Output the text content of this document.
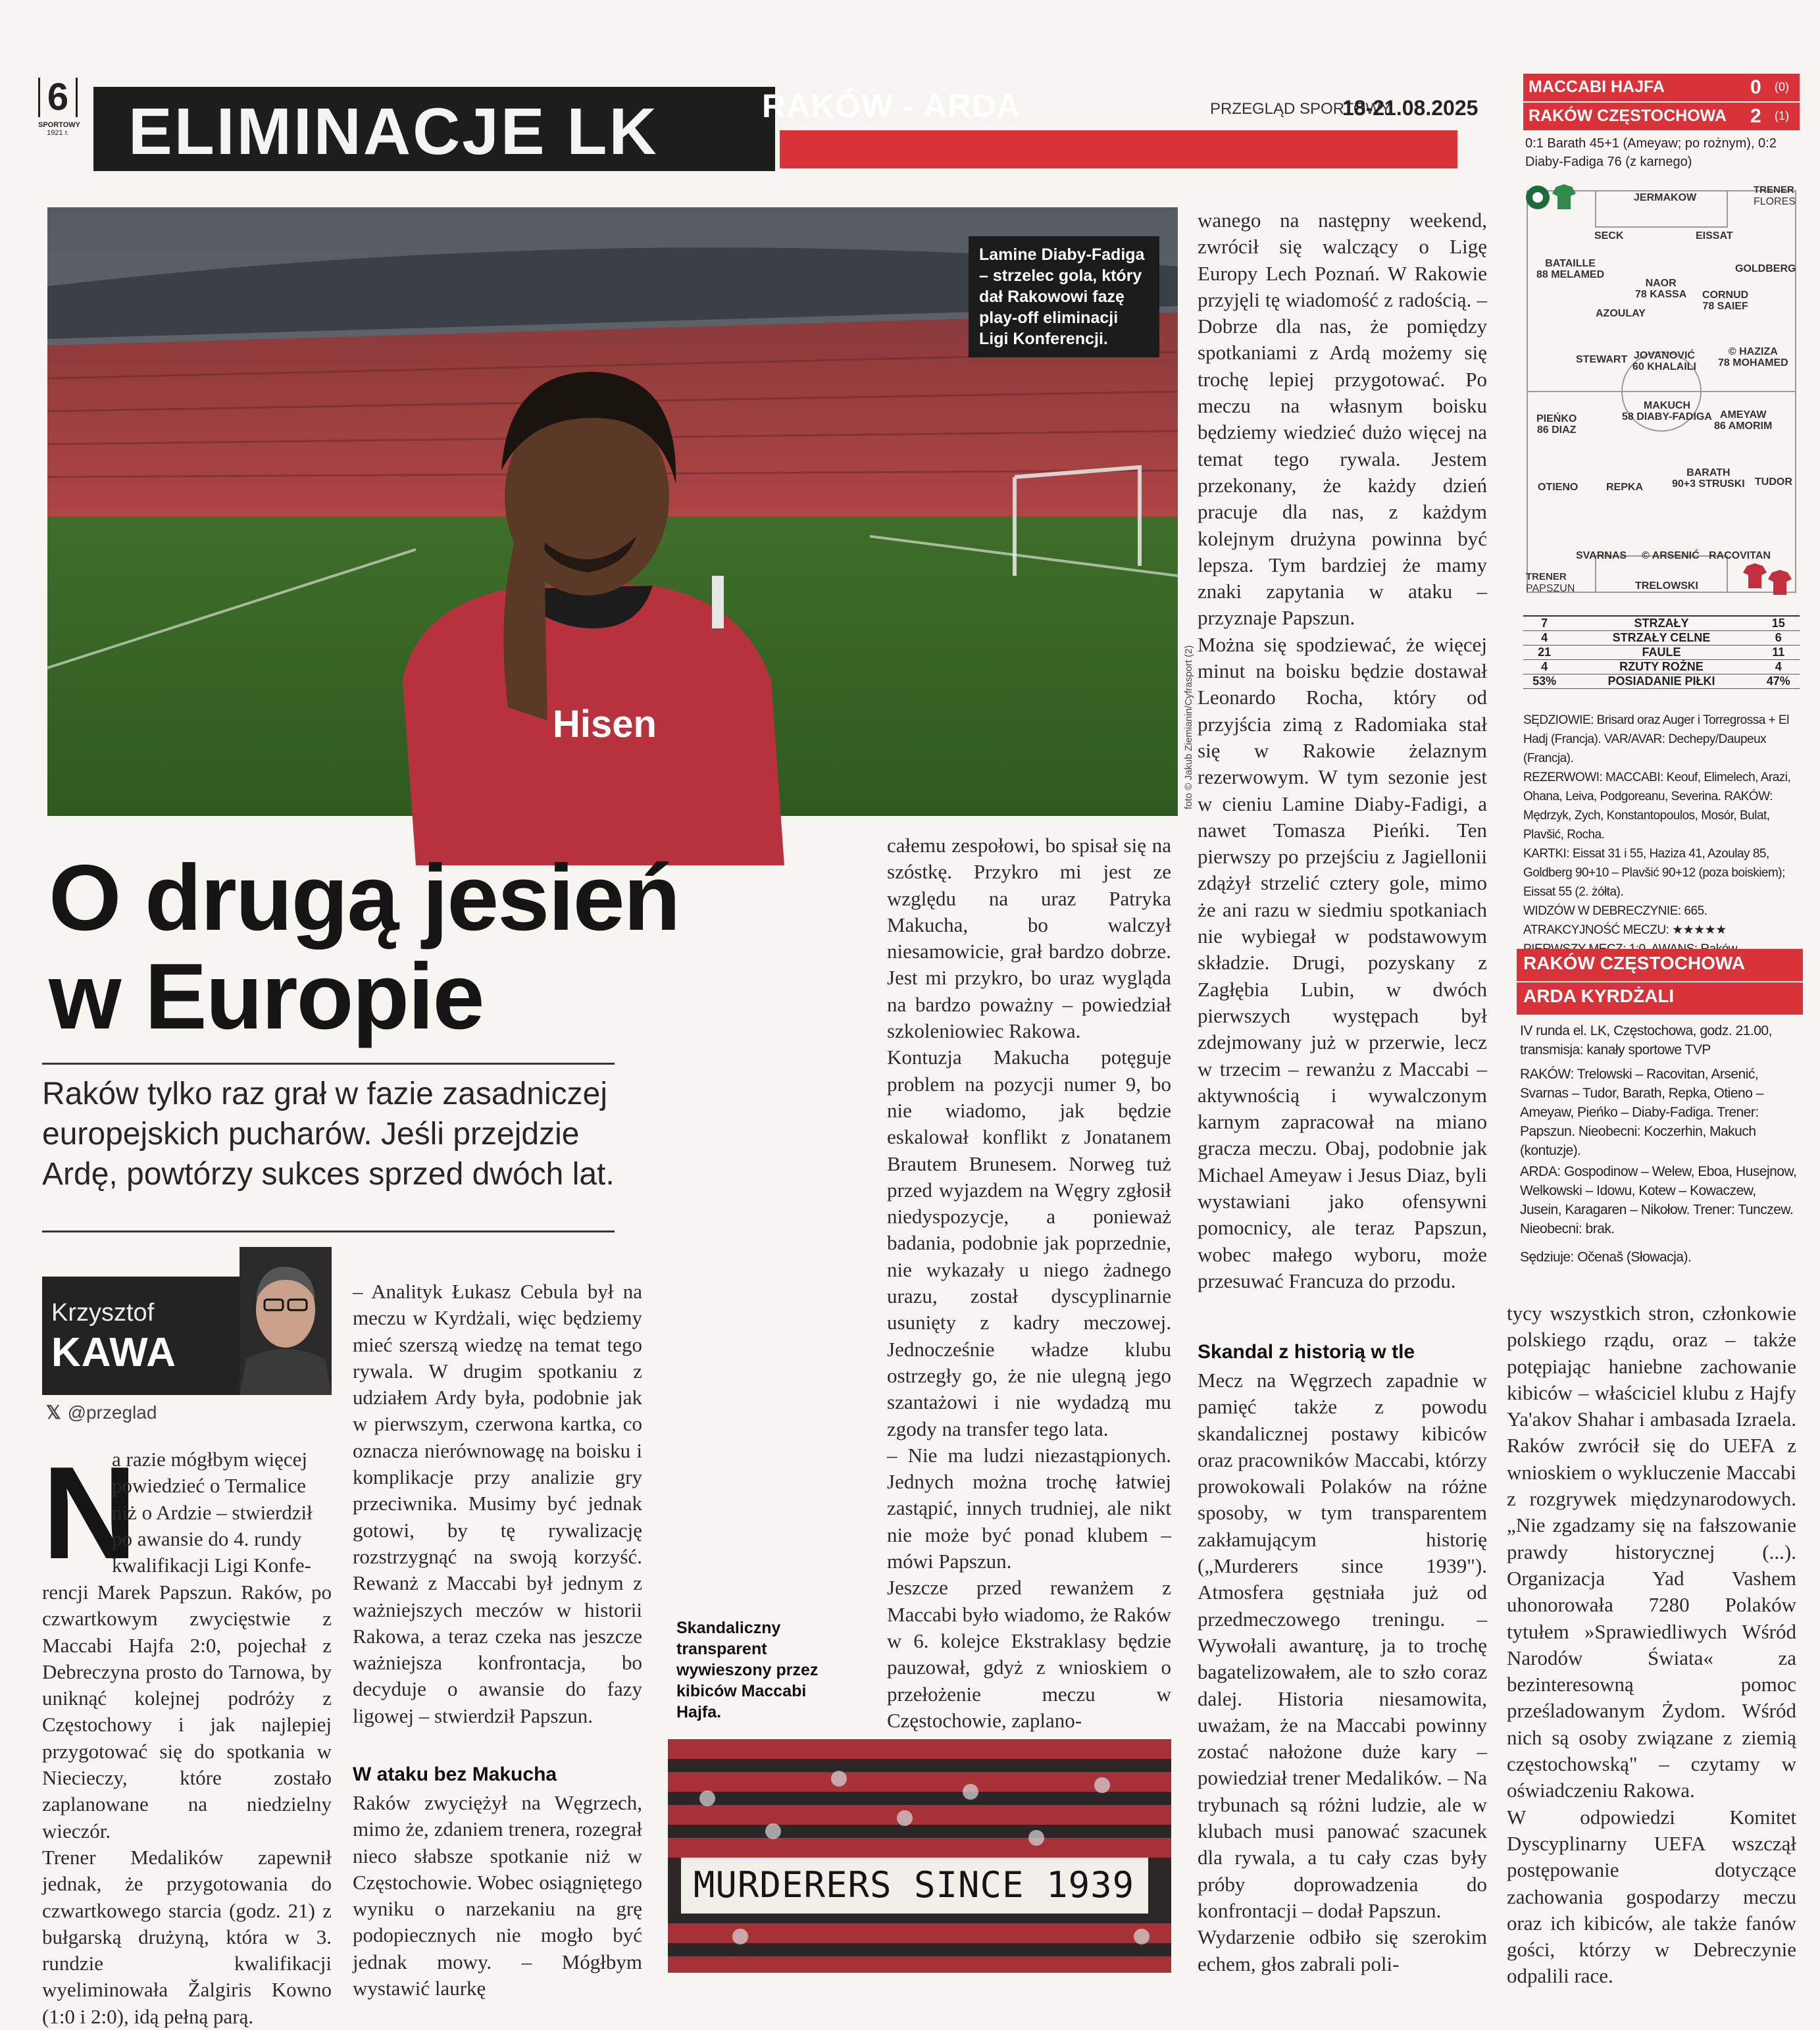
6
SPORTOWY
1921 r. ELIMINACJE LK	RAKÓW - ARDA	PRZEGLĄD SPORTOWY
18-21.08.2025
Hisen
Lamine Diaby-Fadiga – strzelec gola, który dał Rakowowi fazę play-off eliminacji Ligi Konferencji.
foto © Jakub Ziemianin/Cyfrasport (2)
O drugą jesień
w Europie
Raków tylko raz grał w fazie zasadniczej europejskich pucharów. Jeśli przejdzie Ardę, powtórzy sukces sprzed dwóch lat.
Krzysztof
KAWA
𝕏 @przeglad
N
a razie mógłbym więcej
powiedzieć o Termalice
niż o Ardzie – stwierdził
po awansie do 4. rundy
kwalifikacji Ligi Konfe-
rencji Marek Papszun. Raków, po czwartkowym zwycięstwie z Maccabi Hajfa 2:0, pojechał z Debreczyna prosto do Tarnowa, by uniknąć kolejnej podróży z Częstochowy i jak najlepiej przygotować się do spotkania w Niecieczy, które zostało zaplanowane na niedzielny wieczór.
Trener Medalików zapewnił jednak, że przygotowania do czwartkowego starcia (godz. 21) z bułgarską drużyną, która w 3. rundzie kwalifikacji wyeliminowała Žalgiris Kowno (1:0 i 2:0), idą pełną parą.
– Analityk Łukasz Cebula był na meczu w Kyrdżali, więc będziemy mieć szerszą wiedzę na temat tego rywala. W drugim spotkaniu z udziałem Ardy była, podobnie jak w pierwszym, czerwona kartka, co oznacza nierównowagę na boisku i komplikacje przy analizie gry przeciwnika. Musimy być jednak gotowi, by tę rywalizację rozstrzygnąć na swoją korzyść. Rewanż z Maccabi był jednym z ważniejszych meczów w historii Rakowa, a teraz czeka nas jeszcze ważniejsza konfrontacja, bo decyduje o awansie do fazy ligowej – stwierdził Papszun.
W ataku bez Makucha
Raków zwyciężył na Węgrzech, mimo że, zdaniem trenera, rozegrał nieco słabsze spotkanie niż w Częstochowie. Wobec osiągniętego wyniku o narzekaniu na grę podopiecznych nie mogło być jednak mowy. – Mógłbym wystawić laurkę
Skandaliczny transparent wywieszony przez kibiców Maccabi Hajfa.
MURDERERS SINCE 1939
całemu zespołowi, bo spisał się na szóstkę. Przykro mi jest ze względu na uraz Patryka Makucha, bo walczył niesamowicie, grał bardzo dobrze. Jest mi przykro, bo uraz wygląda na bardzo poważny – powiedział szkoleniowiec Rakowa.
Kontuzja Makucha potęguje problem na pozycji numer 9, bo nie wiadomo, jak będzie eskalował konflikt z Jonatanem Brautem Brunesem. Norweg tuż przed wyjazdem na Węgry zgłosił niedyspozycje, a ponieważ badania, podobnie jak poprzednie, nie wykazały u niego żadnego urazu, został dyscyplinarnie usunięty z kadry meczowej. Jednocześnie władze klubu ostrzegły go, że nie ulegną jego szantażowi i nie wydadzą mu zgody na transfer tego lata.
– Nie ma ludzi niezastąpionych. Jednych można trochę łatwiej zastąpić, innych trudniej, ale nikt nie może być ponad klubem – mówi Papszun.
Jeszcze przed rewanżem z Maccabi było wiadomo, że Raków w 6. kolejce Ekstraklasy będzie pauzował, gdyż z wnioskiem o przełożenie meczu w Częstochowie, zaplano-
wanego na następny weekend, zwrócił się walczący o Ligę Europy Lech Poznań. W Rakowie przyjęli tę wiadomość z radością. – Dobrze dla nas, że pomiędzy spotkaniami z Ardą możemy się trochę lepiej przygotować. Po meczu na własnym boisku będziemy wiedzieć dużo więcej na temat tego rywala. Jestem przekonany, że każdy dzień pracuje dla nas, z każdym kolejnym drużyna powinna być lepsza. Tym bardziej że mamy znaki zapytania w ataku – przyznaje Papszun.
Można się spodziewać, że więcej minut na boisku będzie dostawał Leonardo Rocha, który od przyjścia zimą z Radomiaka stał się w Rakowie żelaznym rezerwowym. W tym sezonie jest w cieniu Lamine Diaby-Fadigi, a nawet Tomasza Pieńki. Ten pierwszy po przejściu z Jagiellonii zdążył strzelić cztery gole, mimo że ani razu w siedmiu spotkaniach nie wybiegał w podstawowym składzie. Drugi, pozyskany z Zagłębia Lubin, w dwóch pierwszych występach był zdejmowany już w przerwie, lecz w trzecim – rewanżu z Maccabi – aktywnością i wywalczonym karnym zapracował na miano gracza meczu. Obaj, podobnie jak Michael Ameyaw i Jesus Diaz, byli wystawiani jako ofensywni pomocnicy, ale teraz Papszun, wobec małego wyboru, może przesuwać Francuza do przodu.
Skandal z historią w tle
Mecz na Węgrzech zapadnie w pamięć także z powodu skandalicznej postawy kibiców oraz pracowników Maccabi, którzy prowokowali Polaków na różne sposoby, w tym transparentem zakłamującym historię („Murderers since 1939"). Atmosfera gęstniała już od przedmeczowego treningu. – Wywołali awanturę, ja to trochę bagatelizowałem, ale to szło coraz dalej. Historia niesamowita, uważam, że na Maccabi powinny zostać nałożone duże kary – powiedział trener Medalików. – Na trybunach są różni ludzie, ale w klubach musi panować szacunek dla rywala, a tu cały czas były próby doprowadzenia do konfrontacji – dodał Papszun.
Wydarzenie odbiło się szerokim echem, głos zabrali poli-
tycy wszystkich stron, członkowie polskiego rządu, oraz – także potępiając haniebne zachowanie kibiców – właściciel klubu z Hajfy Ya'akov Shahar i ambasada Izraela. Raków zwrócił się do UEFA z wnioskiem o wykluczenie Maccabi z rozgrywek międzynarodowych. „Nie zgadzamy się na fałszowanie prawdy historycznej (...). Organizacja Yad Vashem uhonorowała 7280 Polaków tytułem »Sprawiedliwych Wśród Narodów Świata« za bezinteresowną pomoc prześladowanym Żydom. Wśród nich są osoby związane z ziemią częstochowską" – czytamy w oświadczeniu Rakowa.
W odpowiedzi Komitet Dyscyplinarny UEFA wszczął postępowanie dotyczące zachowania gospodarzy meczu oraz ich kibiców, ale także fanów gości, którzy w Debreczynie odpalili race.
MACCABI HAJFA	0 (0)
RAKÓW CZĘSTOCHOWA 2 (1)
0:1 Barath 45+1 (Ameyaw; po rożnym), 0:2 Diaby-Fadiga 76 (z karnego)
TRENER
FLORES
JERMAKOW
SECK	EISSAT
BATAILLE
88 MELAMED
GOLDBERG
NAOR
78 KASSA CORNUD
78 SAIEF
AZOULAY
STEWART JOVANOVIĆ
60 KHALAILI
© HAZIZA
78 MOHAMED
MAKUCH
58 DIABY-FADIGA
PIEŃKO
86 DIAZ
AMEYAW
86 AMORIM
BARATH
90+3 STRUSKI
OTIENO	REPKA	TUDOR
SVARNAS © ARSENIĆ RACOVITAN
TRELOWSKI
TRENER
PAPSZUN
7	STRZAŁY	15
4	STRZAŁY CELNE	6
21	FAULE	11
4	RZUTY ROŻNE	4
53%	POSIADANIE PIŁKI	47%
SĘDZIOWIE: Brisard oraz Auger i Torregrossa + El Hadj (Francja). VAR/AVAR: Dechepy/Daupeux (Francja).
REZERWOWI: MACCABI: Keouf, Elimelech, Arazi, Ohana, Leiva, Podgoreanu, Severina. RAKÓW: Mędrzyk, Zych, Konstantopoulos, Mosór, Bulat, Plavšić, Rocha.
KARTKI: Eissat 31 i 55, Haziza 41, Azoulay 85, Goldberg 90+10 – Plavšić 90+12 (poza boiskiem); Eissat 55 (2. żółta).
WIDZÓW W DEBRECZYNIE: 665.
ATRAKCYJNOŚĆ MECZU: ★★★★★

RAKÓW CZĘSTOCHOWA
ARDA KYRDŻALI
IV runda el. LK, Częstochowa, godz. 21.00, transmisja: kanały sportowe TVP
RAKÓW: Trelowski – Racovitan, Arsenić, Svarnas – Tudor, Barath, Repka, Otieno – Ameyaw, Pieńko – Diaby-Fadiga. Trener: Papszun. Nieobecni: Koczerhin, Makuch (kontuzje).
ARDA: Gospodinow – Welew, Eboa, Husejnow, Welkowski – Idowu, Kotew – Kowaczew, Jusein, Karagaren – Nikołow. Trener: Tunczew. Nieobecni: brak.
Sędziuje: Očenaš (Słowacja).
